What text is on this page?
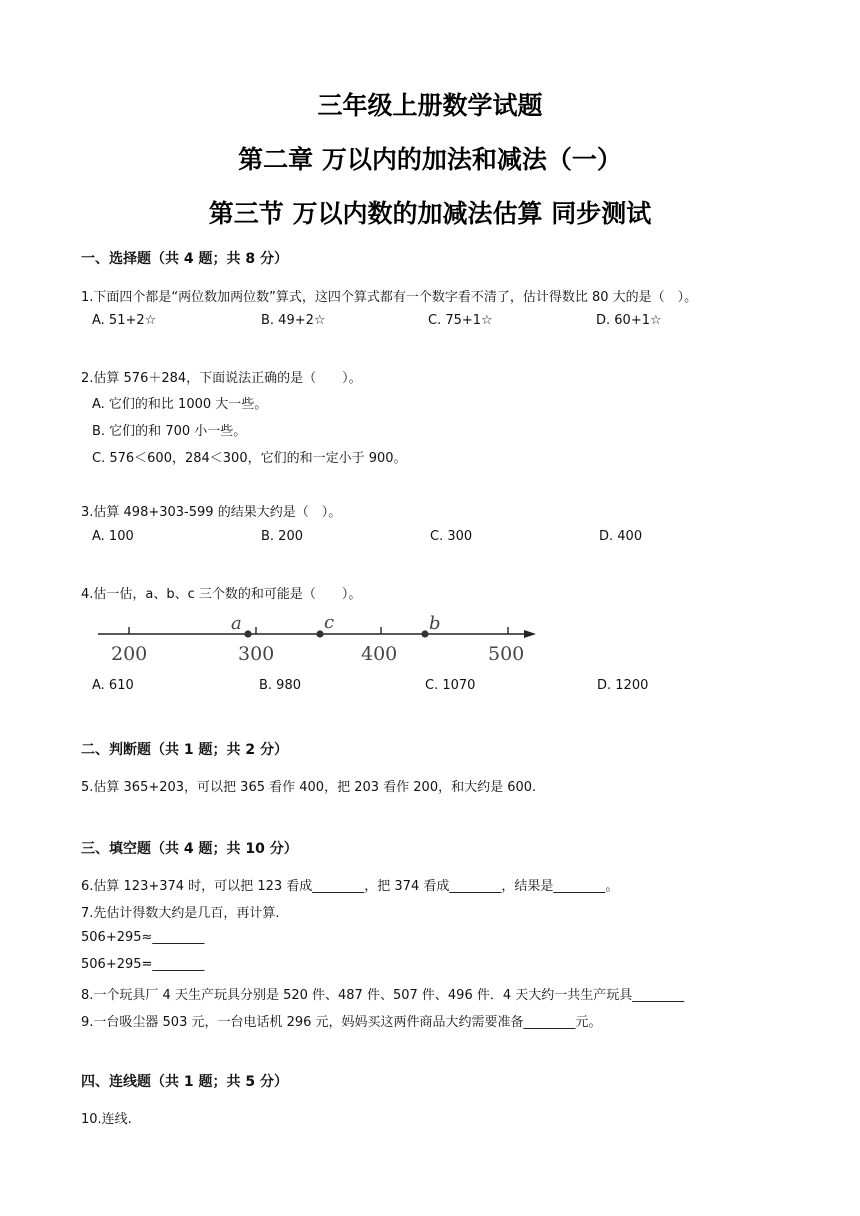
三年级上册数学试题
第二章 万以内的加法和减法（一）
第三节 万以内数的加减法估算 同步测试
一、选择题（共 4 题；共 8 分）
1.下面四个都是“两位数加两位数”算式，这四个算式都有一个数字看不清了，估计得数比 80 大的是（　）。
A. 51+2☆	B. 49+2☆	C. 75+1☆	D. 60+1☆
2.估算 576＋284，下面说法正确的是（　　）。
A. 它们的和比 1000 大一些。
B. 它们的和 700 小一些。
C. 576＜600，284＜300，它们的和一定小于 900。
3.估算 498+303-599 的结果大约是（　）。
A. 100	B. 200	C. 300	D. 400
4.估一估，a、b、c 三个数的和可能是（　　）。
a	c	b
200	300	400	500
A. 610	B. 980	C. 1070	D. 1200
二、判断题（共 1 题；共 2 分）
5.估算 365+203，可以把 365 看作 400，把 203 看作 200，和大约是 600.
三、填空题（共 4 题；共 10 分）
6.估算 123+374 时，可以把 123 看成________，把 374 看成________，结果是________。
7.先估计得数大约是几百，再计算.
506+295≈________
506+295=________
8.一个玩具厂 4 天生产玩具分别是 520 件、487 件、507 件、496 件．4 天大约一共生产玩具________
9.一台吸尘器 503 元，一台电话机 296 元，妈妈买这两件商品大约需要准备________元。
四、连线题（共 1 题；共 5 分）
10.连线.
